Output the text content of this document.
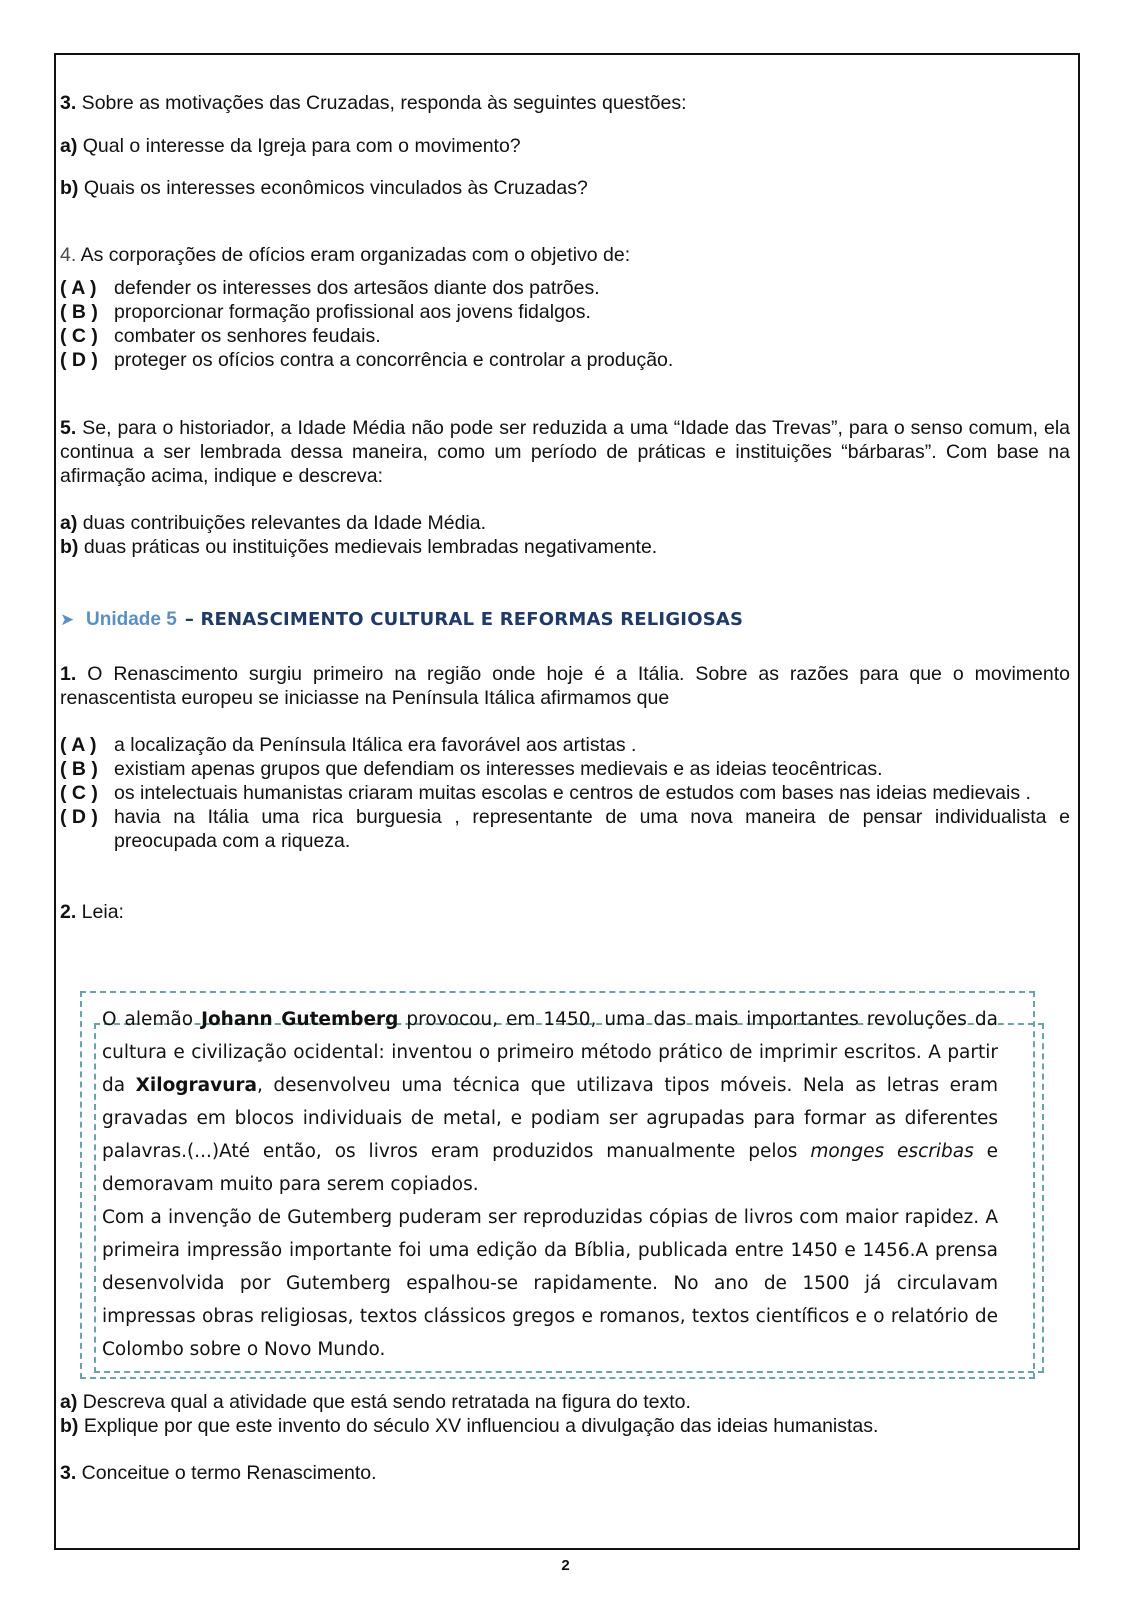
3. Sobre as motivações das Cruzadas, responda às seguintes questões:

a) Qual o interesse da Igreja para com o movimento?

b) Quais os interesses econômicos vinculados às Cruzadas?

4. As corporações de ofícios eram organizadas com o objetivo de:

( A ) defender os interesses dos artesãos diante dos patrões.
( B ) proporcionar formação profissional aos jovens fidalgos.
( C ) combater os senhores feudais.
( D ) proteger os ofícios contra a concorrência e controlar a produção.

5. Se, para o historiador, a Idade Média não pode ser reduzida a uma “Idade das Trevas”, para o senso comum, ela continua a ser lembrada dessa maneira, como um período de práticas e instituições “bárbaras”. Com base na afirmação acima, indique e descreva:

a) duas contribuições relevantes da Idade Média.

b) duas práticas ou instituições medievais lembradas negativamente.

➤ Unidade 5 – RENASCIMENTO CULTURAL E REFORMAS RELIGIOSAS

1. O Renascimento surgiu primeiro na região onde hoje é a Itália. Sobre as razões para que o movimento renascentista europeu se iniciasse na Península Itálica afirmamos que

( A ) a localização da Península Itálica era favorável aos artistas .
( B ) existiam apenas grupos que defendiam os interesses medievais e as ideias teocêntricas.
( C ) os intelectuais humanistas criaram muitas escolas e centros de estudos com bases nas ideias medievais .
( D ) havia na Itália uma rica burguesia , representante de uma nova maneira de pensar individualista e preocupada com a riqueza.

2. Leia:

O alemão Johann Gutemberg provocou, em 1450, uma das mais importantes revoluções da cultura e civilização ocidental: inventou o primeiro método prático de imprimir escritos. A partir da Xilogravura, desenvolveu uma técnica que utilizava tipos móveis. Nela as letras eram gravadas em blocos individuais de metal, e podiam ser agrupadas para formar as diferentes palavras.(...)Até então, os livros eram produzidos manualmente pelos monges escribas e demoravam muito para serem copiados.

Com a invenção de Gutemberg puderam ser reproduzidas cópias de livros com maior rapidez. A primeira impressão importante foi uma edição da Bíblia, publicada entre 1450 e 1456.A prensa desenvolvida por Gutemberg espalhou-se rapidamente. No ano de 1500 já circulavam impressas obras religiosas, textos clássicos gregos e romanos, textos científicos e o relatório de Colombo sobre o Novo Mundo.

a) Descreva qual a atividade que está sendo retratada na figura do texto.

b) Explique por que este invento do século XV influenciou a divulgação das ideias humanistas.

3. Conceitue o termo Renascimento.

2
